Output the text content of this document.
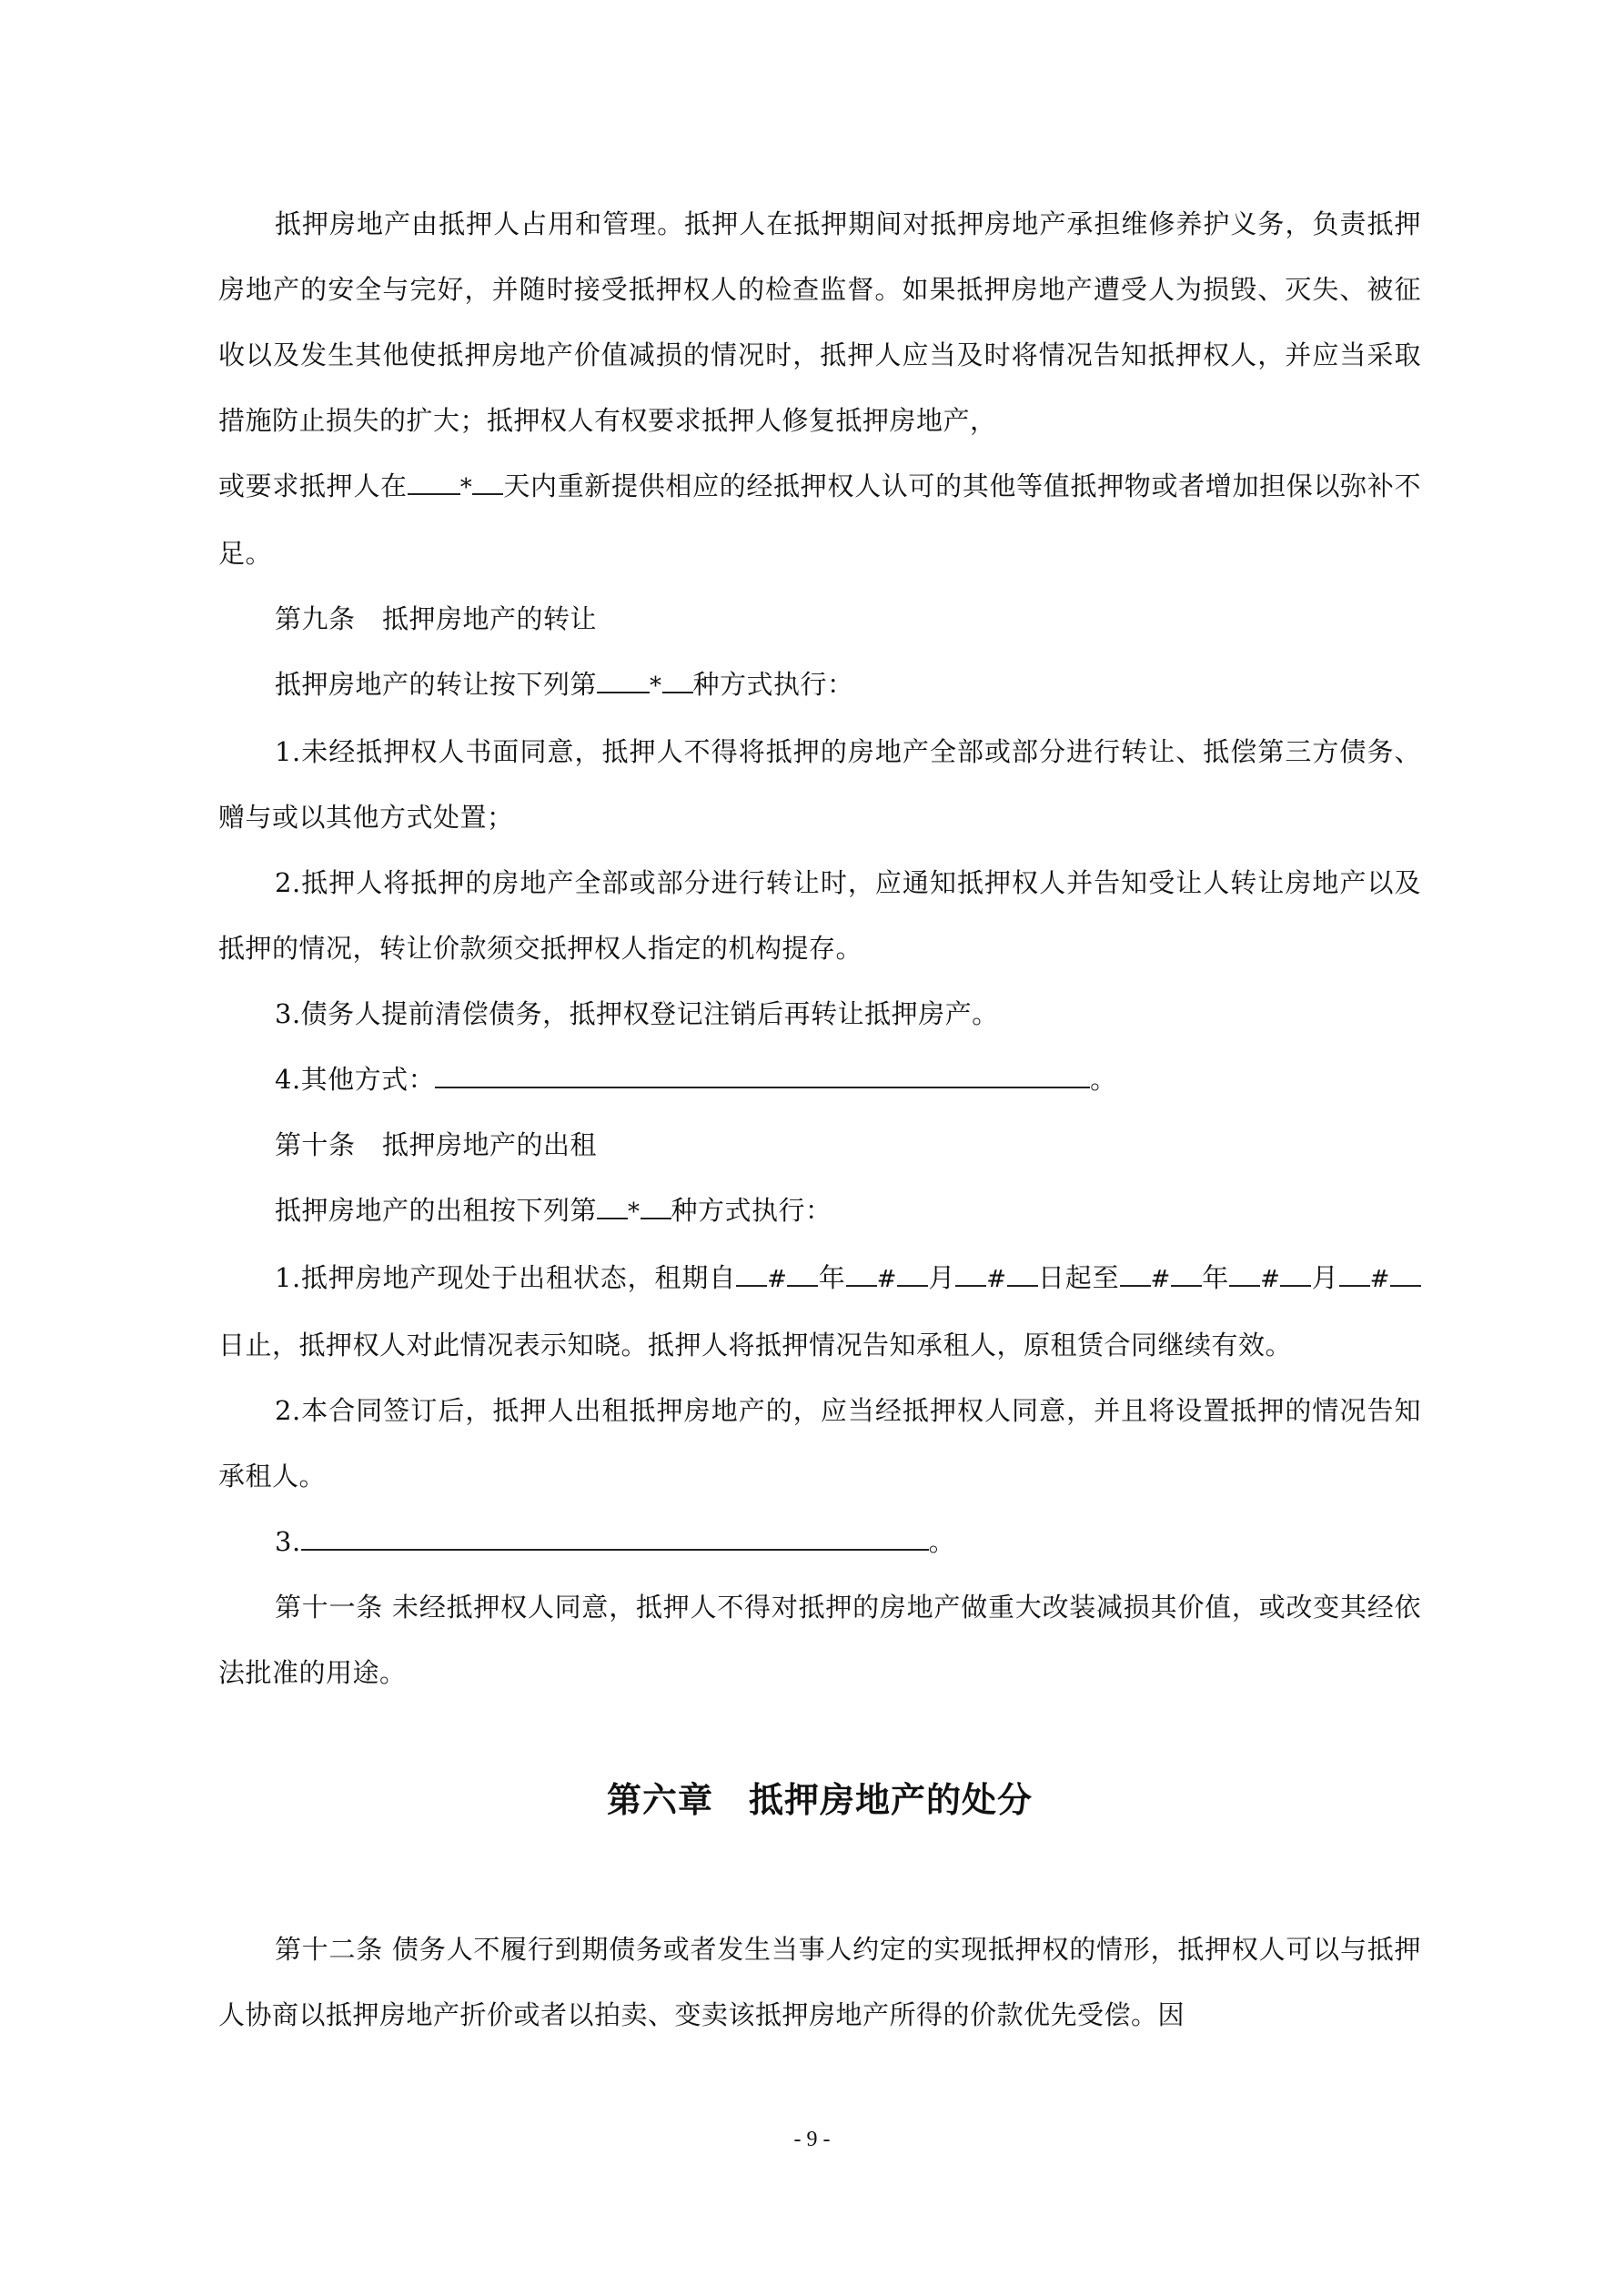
抵押房地产由抵押人占用和管理。抵押人在抵押期间对抵押房地产承担维修养护义务，负责抵押房地产的安全与完好，并随时接受抵押权人的检查监督。如果抵押房地产遭受人为损毁、灭失、被征收以及发生其他使抵押房地产价值减损的情况时，抵押人应当及时将情况告知抵押权人，并应当采取措施防止损失的扩大；抵押权人有权要求抵押人修复抵押房地产，

或要求抵押人在 * 天内重新提供相应的经抵押权人认可的其他等值抵押物或者增加担保以弥补不足。

第九条　抵押房地产的转让

抵押房地产的转让按下列第 * 种方式执行：

1.未经抵押权人书面同意，抵押人不得将抵押的房地产全部或部分进行转让、抵偿第三方债务、赠与或以其他方式处置；

2.抵押人将抵押的房地产全部或部分进行转让时，应通知抵押权人并告知受让人转让房地产以及抵押的情况，转让价款须交抵押权人指定的机构提存。

3.债务人提前清偿债务，抵押权登记注销后再转让抵押房产。

4.其他方式：	。

第十条　抵押房地产的出租

抵押房地产的出租按下列第 * 种方式执行：

1.抵押房地产现处于出租状态，租期自 # 年 # 月 # 日起至 # 年 # 月 #日止，抵押权人对此情况表示知晓。抵押人将抵押情况告知承租人，原租赁合同继续有效。

2.本合同签订后，抵押人出租抵押房地产的，应当经抵押权人同意，并且将设置抵押的情况告知承租人。

3.	。

第十一条 未经抵押权人同意，抵押人不得对抵押的房地产做重大改装减损其价值，或改变其经依法批准的用途。

第六章　抵押房地产的处分

第十二条 债务人不履行到期债务或者发生当事人约定的实现抵押权的情形，抵押权人可以与抵押人协商以抵押房地产折价或者以拍卖、变卖该抵押房地产所得的价款优先受偿。因

- 9 -
